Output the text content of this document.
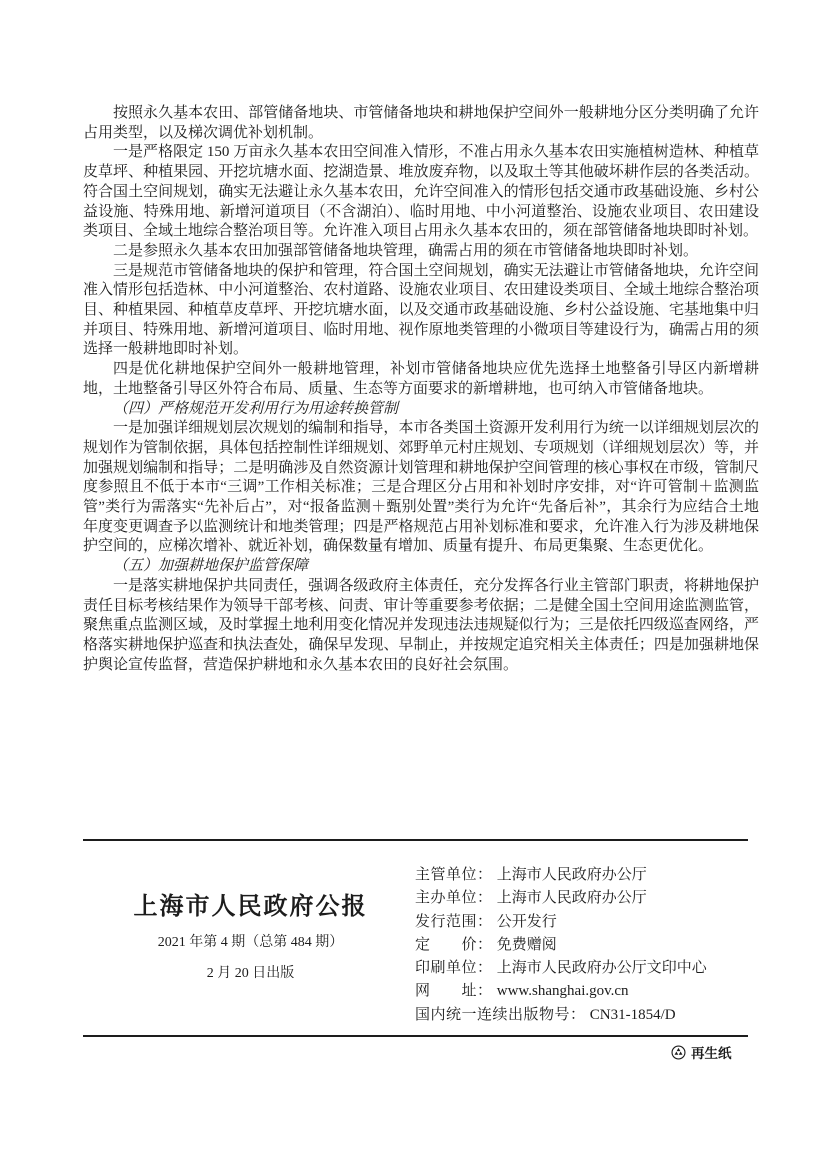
按照永久基本农田、部管储备地块、市管储备地块和耕地保护空间外一般耕地分区分类明确了允许占用类型，以及梯次调优补划机制。

一是严格限定 150 万亩永久基本农田空间准入情形，不准占用永久基本农田实施植树造林、种植草皮草坪、种植果园、开挖坑塘水面、挖湖造景、堆放废弃物，以及取土等其他破坏耕作层的各类活动。符合国土空间规划，确实无法避让永久基本农田，允许空间准入的情形包括交通市政基础设施、乡村公益设施、特殊用地、新增河道项目（不含湖泊）、临时用地、中小河道整治、设施农业项目、农田建设类项目、全域土地综合整治项目等。允许准入项目占用永久基本农田的，须在部管储备地块即时补划。

二是参照永久基本农田加强部管储备地块管理，确需占用的须在市管储备地块即时补划。

三是规范市管储备地块的保护和管理，符合国土空间规划，确实无法避让市管储备地块，允许空间准入情形包括造林、中小河道整治、农村道路、设施农业项目、农田建设类项目、全域土地综合整治项目、种植果园、种植草皮草坪、开挖坑塘水面，以及交通市政基础设施、乡村公益设施、宅基地集中归并项目、特殊用地、新增河道项目、临时用地、视作原地类管理的小微项目等建设行为，确需占用的须选择一般耕地即时补划。

四是优化耕地保护空间外一般耕地管理，补划市管储备地块应优先选择土地整备引导区内新增耕地，土地整备引导区外符合布局、质量、生态等方面要求的新增耕地，也可纳入市管储备地块。

（四）严格规范开发利用行为用途转换管制

一是加强详细规划层次规划的编制和指导，本市各类国土资源开发利用行为统一以详细规划层次的规划作为管制依据，具体包括控制性详细规划、郊野单元村庄规划、专项规划（详细规划层次）等，并加强规划编制和指导；二是明确涉及自然资源计划管理和耕地保护空间管理的核心事权在市级，管制尺度参照且不低于本市“三调”工作相关标准；三是合理区分占用和补划时序安排，对“许可管制＋监测监管”类行为需落实“先补后占”，对“报备监测＋甄别处置”类行为允许“先备后补”，其余行为应结合土地年度变更调查予以监测统计和地类管理；四是严格规范占用补划标准和要求，允许准入行为涉及耕地保护空间的，应梯次增补、就近补划，确保数量有增加、质量有提升、布局更集聚、生态更优化。

（五）加强耕地保护监管保障

一是落实耕地保护共同责任，强调各级政府主体责任，充分发挥各行业主管部门职责，将耕地保护责任目标考核结果作为领导干部考核、问责、审计等重要参考依据；二是健全国土空间用途监测监管，聚焦重点监测区域，及时掌握土地利用变化情况并发现违法违规疑似行为；三是依托四级巡查网络，严格落实耕地保护巡查和执法查处，确保早发现、早制止，并按规定追究相关主体责任；四是加强耕地保护舆论宣传监督，营造保护耕地和永久基本农田的良好社会氛围。

上海市人民政府公报
2021 年第 4 期（总第 484 期）
2 月 20 日出版
主管单位： 上海市人民政府办公厅
主办单位： 上海市人民政府办公厅
发行范围： 公开发行
定　　价： 免费赠阅
印刷单位： 上海市人民政府办公厅文印中心
网　　址： www.shanghai.gov.cn
国内统一连续出版物号： CN31-1854/D
再生纸
